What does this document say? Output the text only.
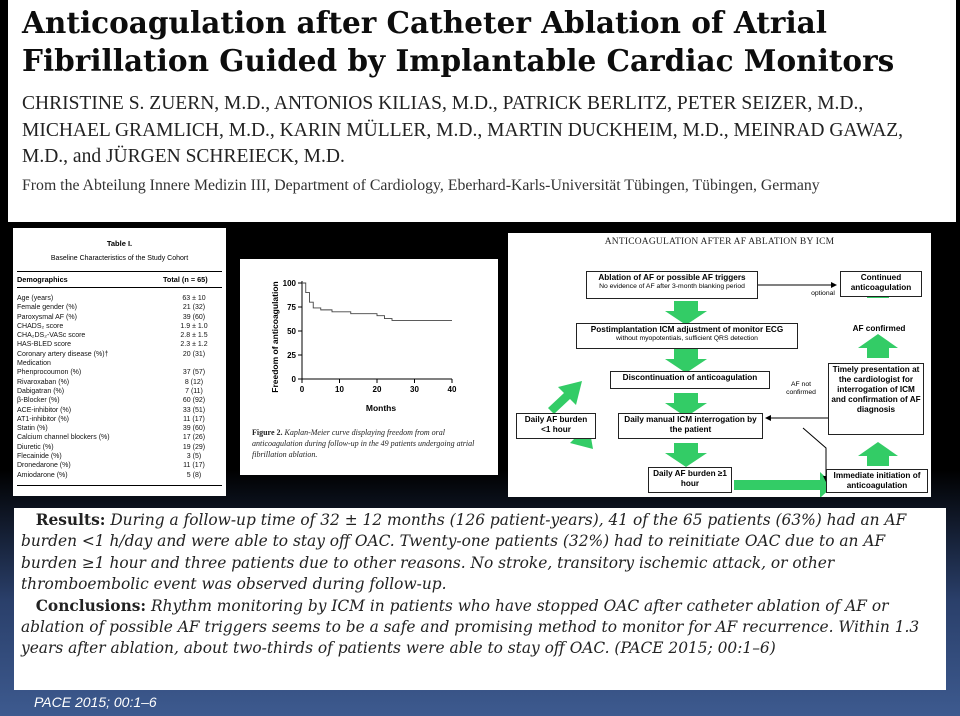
Anticoagulation after Catheter Ablation of Atrial Fibrillation Guided by Implantable Cardiac Monitors
CHRISTINE S. ZUERN, M.D., ANTONIOS KILIAS, M.D., PATRICK BERLITZ, PETER SEIZER, M.D., MICHAEL GRAMLICH, M.D., KARIN MÜLLER, M.D., MARTIN DUCKHEIM, M.D., MEINRAD GAWAZ, M.D., and JÜRGEN SCHREIECK, M.D.
From the Abteilung Innere Medizin III, Department of Cardiology, Eberhard-Karls-Universität Tübingen, Tübingen, Germany
Table I.
Baseline Characteristics of the Study Cohort
Demographics	Total (n = 65)
Age (years)	63 ± 10
Female gender (%)	21 (32)
Paroxysmal AF (%)	39 (60)
CHADS₂ score	1.9 ± 1.0
CHA₂DS₂-VASc score	2.8 ± 1.5
HAS-BLED score	2.3 ± 1.2
Coronary artery disease (%)†	20 (31)
Medication
Phenprocoumon (%)	37 (57)
Rivaroxaban (%)	8 (12)
Dabigatran (%)	7 (11)
β-Blocker (%)	60 (92)
ACE-inhibitor (%)	33 (51)
AT1-inhibitor (%)	11 (17)
Statin (%)	39 (60)
Calcium channel blockers (%)	17 (26)
Diuretic (%)	19 (29)
Flecainide (%)	3 (5)
Dronedarone (%)	11 (17)
Amiodarone (%)	5 (8)
0
25
50
75
100
0	10	20	30	40
Freedom of anticoagulation
Months
Figure 2. Kaplan-Meier curve displaying freedom from oral anticoagulation during follow-up in the 49 patients undergoing atrial fibrillation ablation.
ANTICOAGULATION AFTER AF ABLATION BY ICM
Ablation of AF or possible AF triggers
No evidence of AF after 3-month blanking period
Continued anticoagulation
optional
Postimplantation ICM adjustment of monitor ECG
without myopotentials, sufficient QRS detection
AF confirmed
Discontinuation of anticoagulation
Timely presentation at the cardiologist for interrogation of ICM and confirmation of AF diagnosis
Daily AF burden <1 hour
Daily manual ICM interrogation by the patient
AF not confirmed
Daily AF burden ≥1 hour
Immediate initiation of anticoagulation

Results: During a follow-up time of 32 ± 12 months (126 patient-years), 41 of the 65 patients (63%) had an AF burden <1 h/day and were able to stay off OAC. Twenty-one patients (32%) had to reinitiate OAC due to an AF burden ≥1 hour and three patients due to other reasons. No stroke, transitory ischemic attack, or other thromboembolic event was observed during follow-up.
Conclusions: Rhythm monitoring by ICM in patients who have stopped OAC after catheter ablation of AF or ablation of possible AF triggers seems to be a safe and promising method to monitor for AF recurrence. Within 1.3 years after ablation, about two-thirds of patients were able to stay off OAC. (PACE 2015; 00:1–6)

PACE 2015; 00:1–6
